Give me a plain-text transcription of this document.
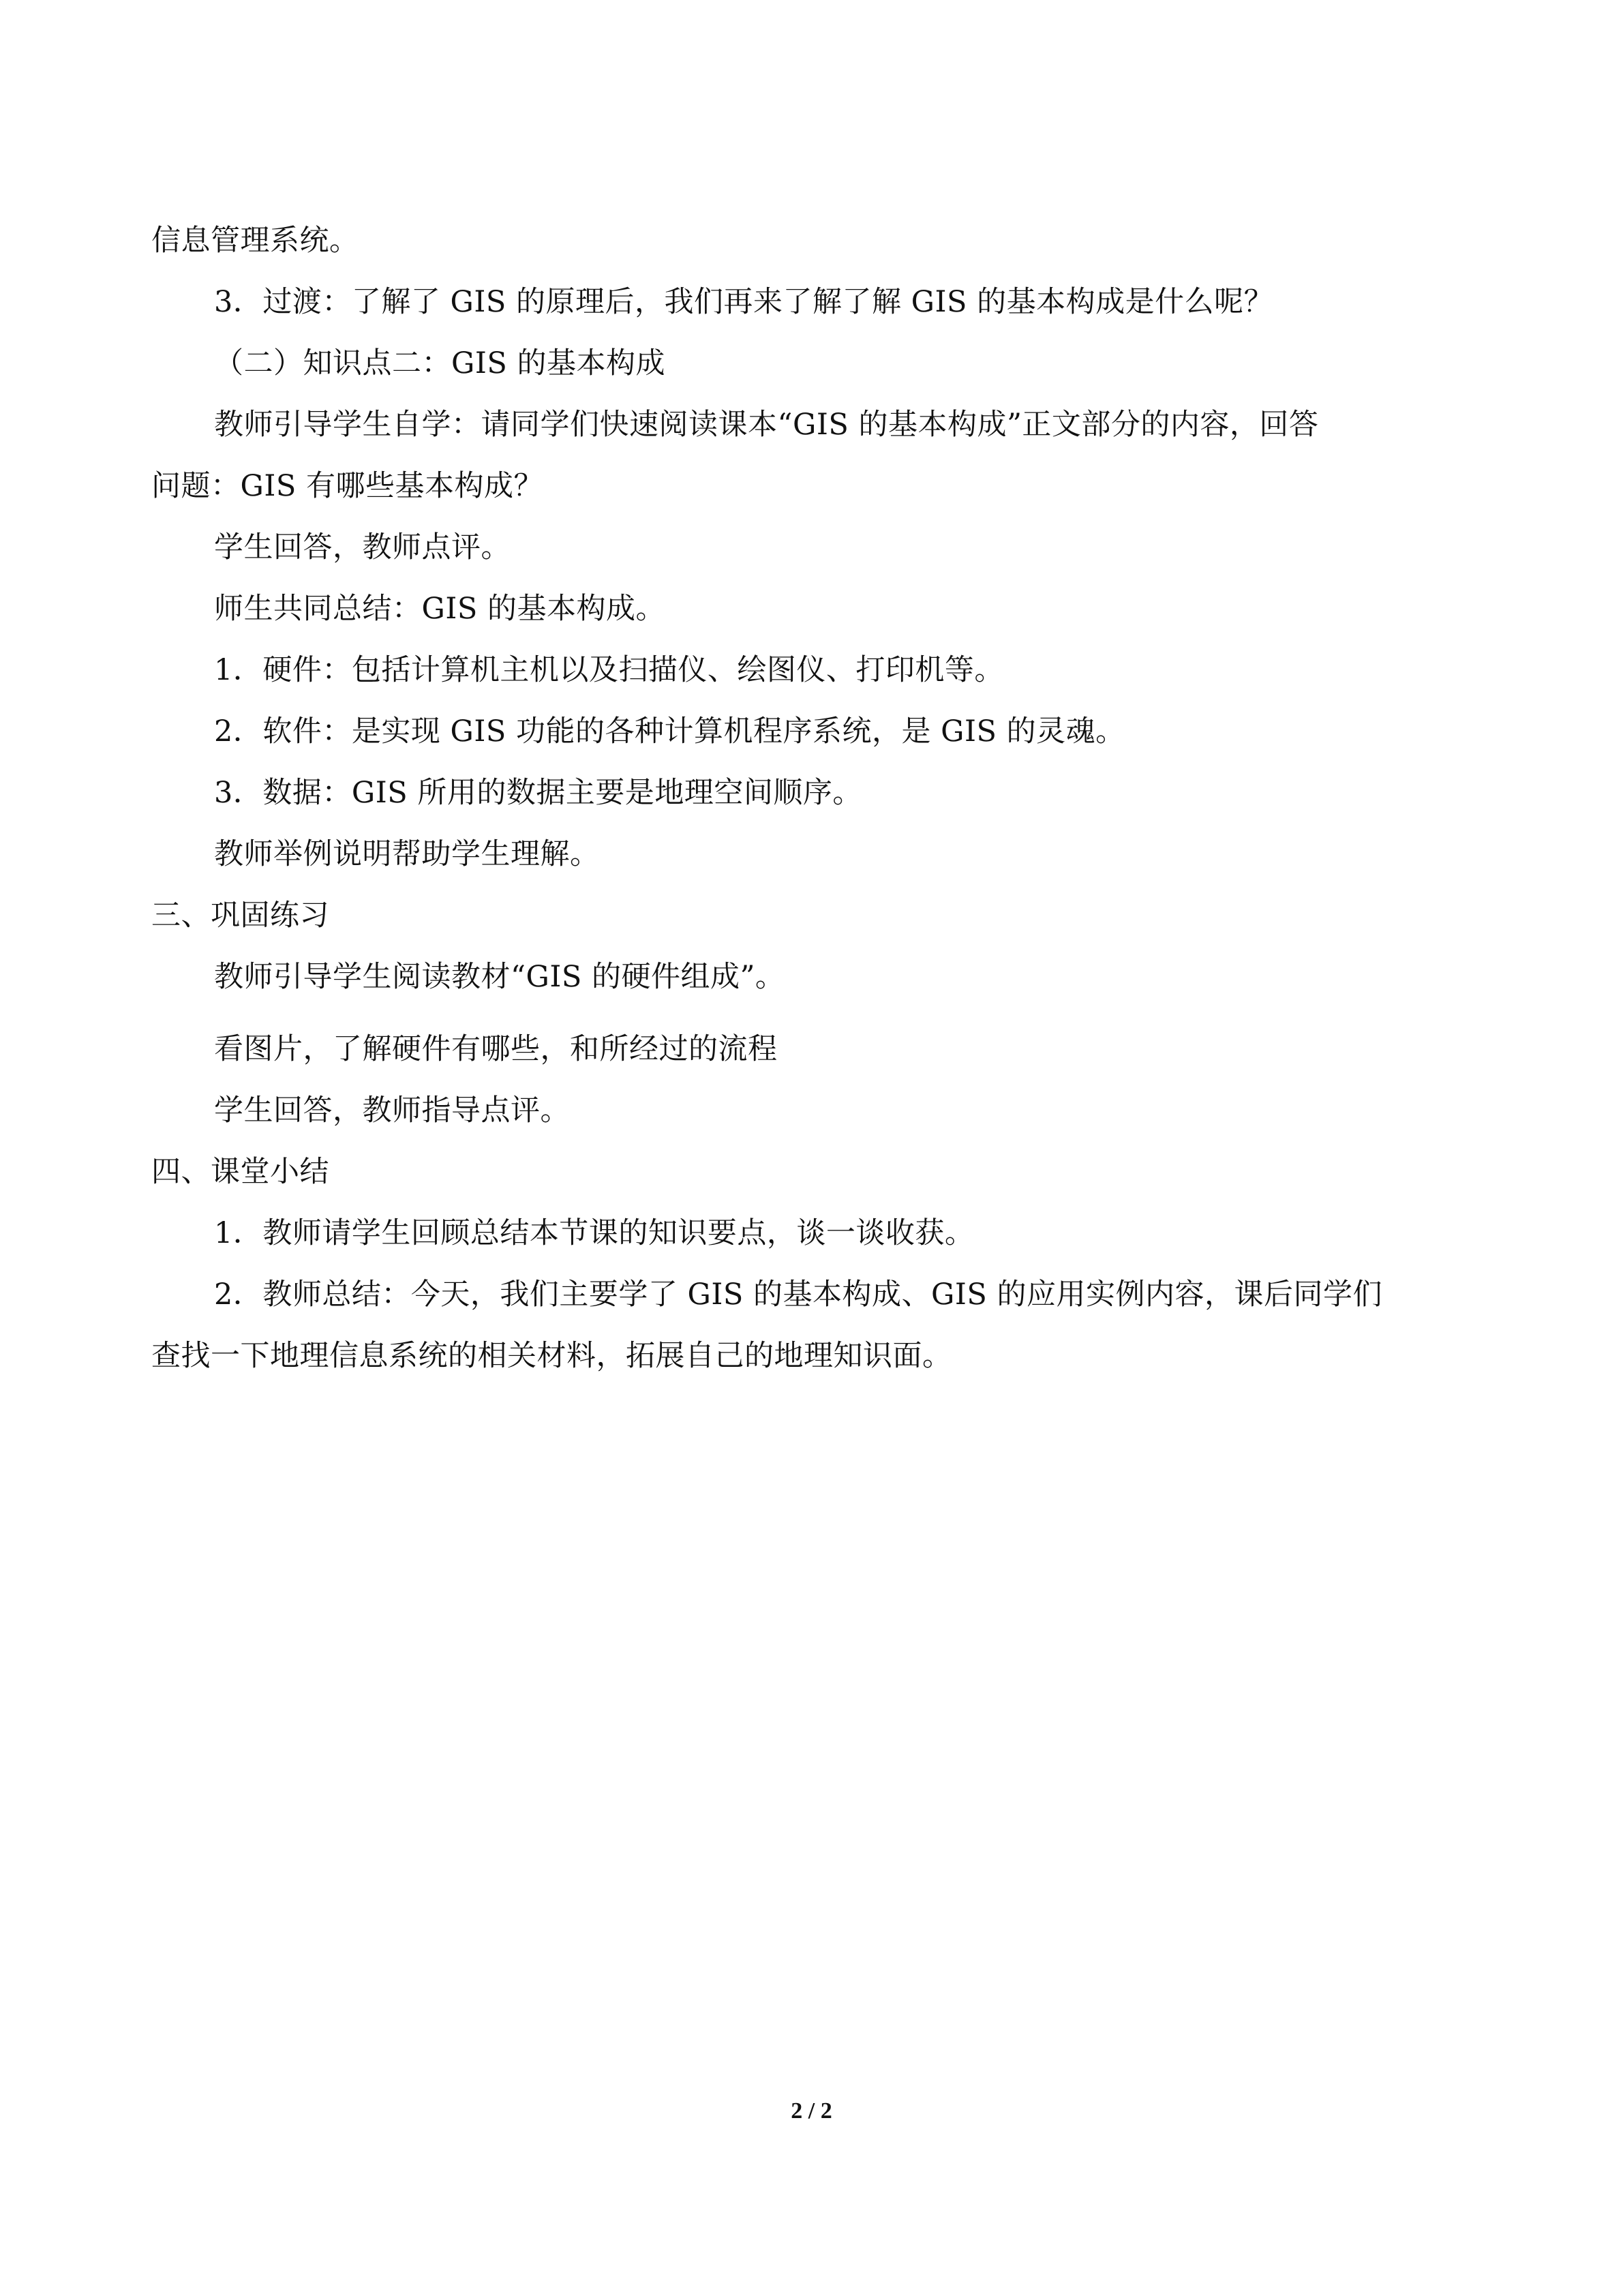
信息管理系统。

3．过渡：了解了 GIS 的原理后，我们再来了解了解 GIS 的基本构成是什么呢？

（二）知识点二：GIS 的基本构成

教师引导学生自学：请同学们快速阅读课本“GIS 的基本构成”正文部分的内容，回答

问题：GIS 有哪些基本构成？

学生回答，教师点评。

师生共同总结：GIS 的基本构成。

1．硬件：包括计算机主机以及扫描仪、绘图仪、打印机等。

2．软件：是实现 GIS 功能的各种计算机程序系统，是 GIS 的灵魂。

3．数据：GIS 所用的数据主要是地理空间顺序。

教师举例说明帮助学生理解。

三、巩固练习

教师引导学生阅读教材“GIS 的硬件组成”。

看图片，了解硬件有哪些，和所经过的流程

学生回答，教师指导点评。

四、课堂小结

1．教师请学生回顾总结本节课的知识要点，谈一谈收获。

2．教师总结：今天，我们主要学了 GIS 的基本构成、GIS 的应用实例内容，课后同学们

查找一下地理信息系统的相关材料，拓展自己的地理知识面。

2 / 2
